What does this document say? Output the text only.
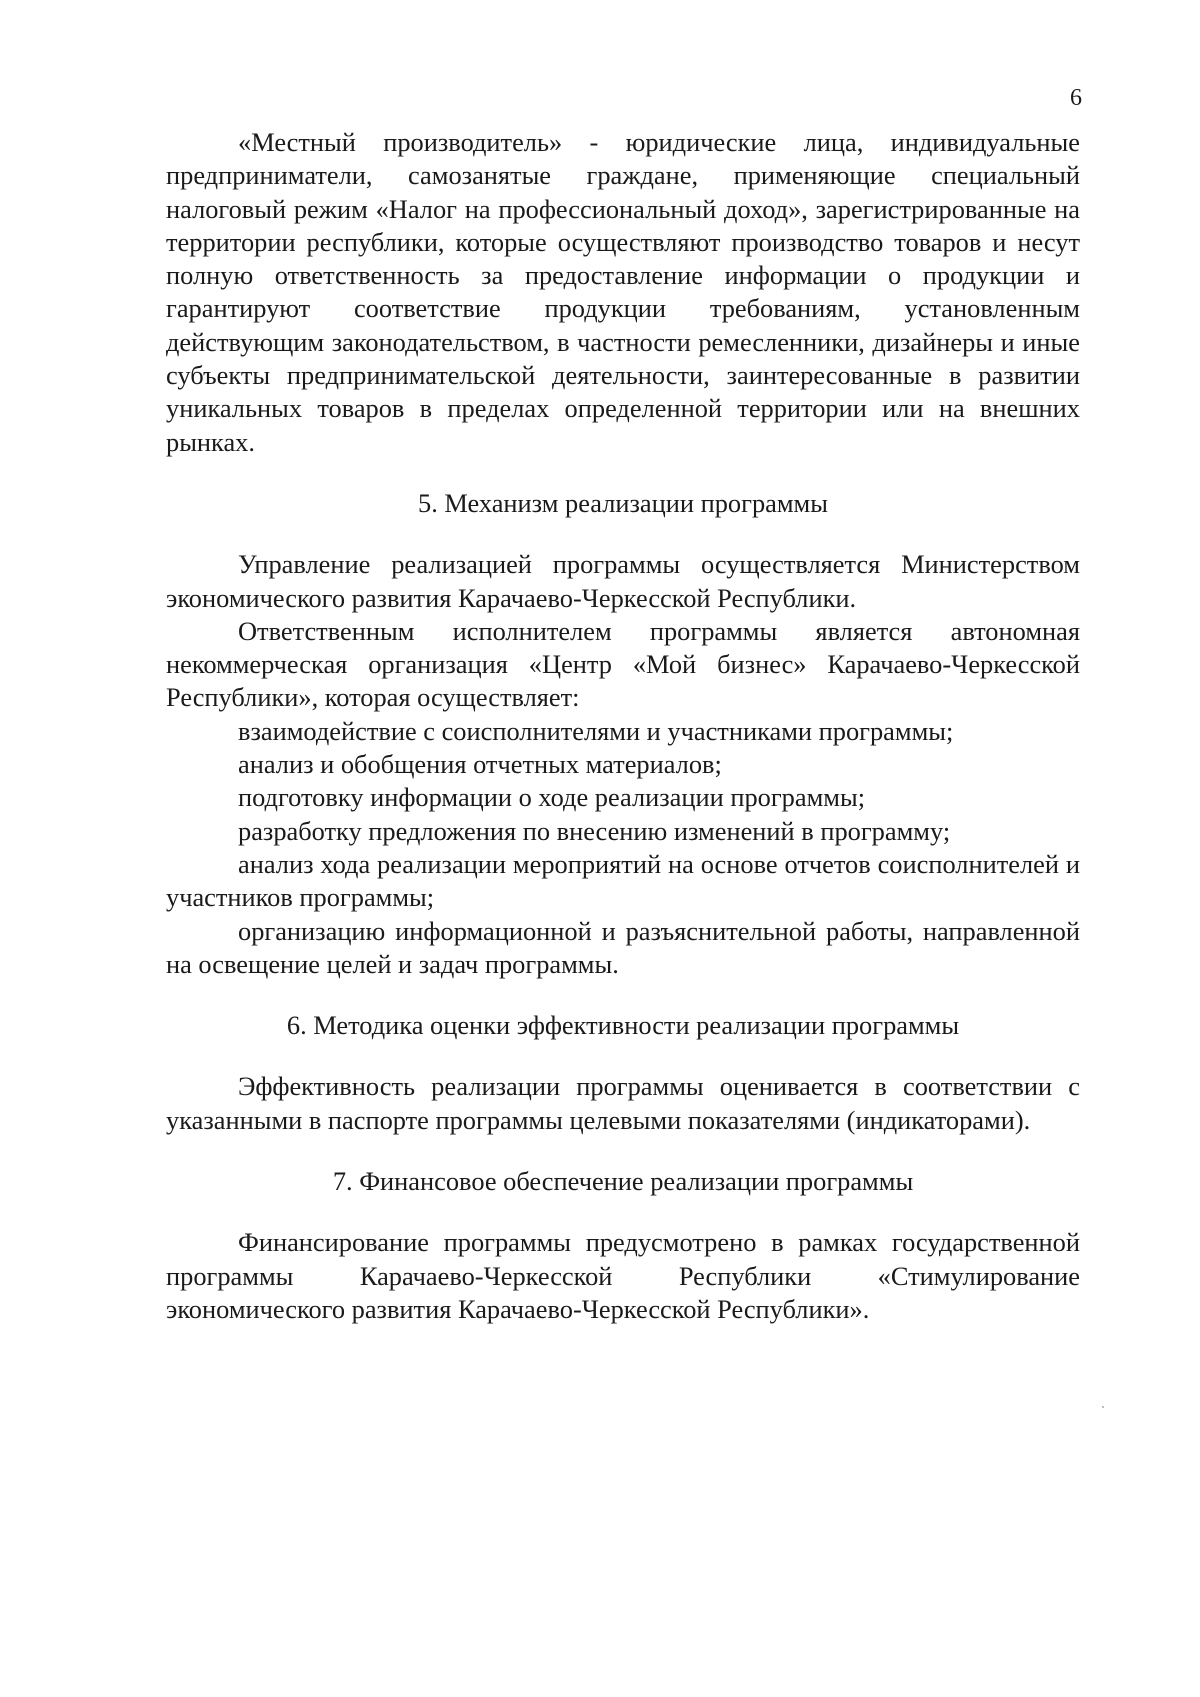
6

«Местный производитель» - юридические лица, индивидуальные предприниматели, самозанятые граждане, применяющие специальный налоговый режим «Налог на профессиональный доход», зарегистрированные на территории республики, которые осуществляют производство товаров и несут полную ответственность за предоставление информации о продукции и гарантируют соответствие продукции требованиям, установленным действующим законодательством, в частности ремесленники, дизайнеры и иные субъекты предпринимательской деятельности, заинтересованные в развитии уникальных товаров в пределах определенной территории или на внешних рынках.

5. Механизм реализации программы

Управление реализацией программы осуществляется Министерством экономического развития Карачаево-Черкесской Республики.

Ответственным исполнителем программы является автономная некоммерческая организация «Центр «Мой бизнес» Карачаево-Черкесской Республики», которая осуществляет:

взаимодействие с соисполнителями и участниками программы;
анализ и обобщения отчетных материалов;
подготовку информации о ходе реализации программы;
разработку предложения по внесению изменений в программу;
анализ хода реализации мероприятий на основе отчетов соисполнителей и участников программы;
организацию информационной и разъяснительной работы, направленной на освещение целей и задач программы.
6. Методика оценки эффективности реализации программы

Эффективность реализации программы оценивается в соответствии с указанными в паспорте программы целевыми показателями (индикаторами).

7. Финансовое обеспечение реализации программы

Финансирование программы предусмотрено в рамках государственной программы Карачаево-Черкесской Республики «Стимулирование экономического развития Карачаево-Черкесской Республики».
